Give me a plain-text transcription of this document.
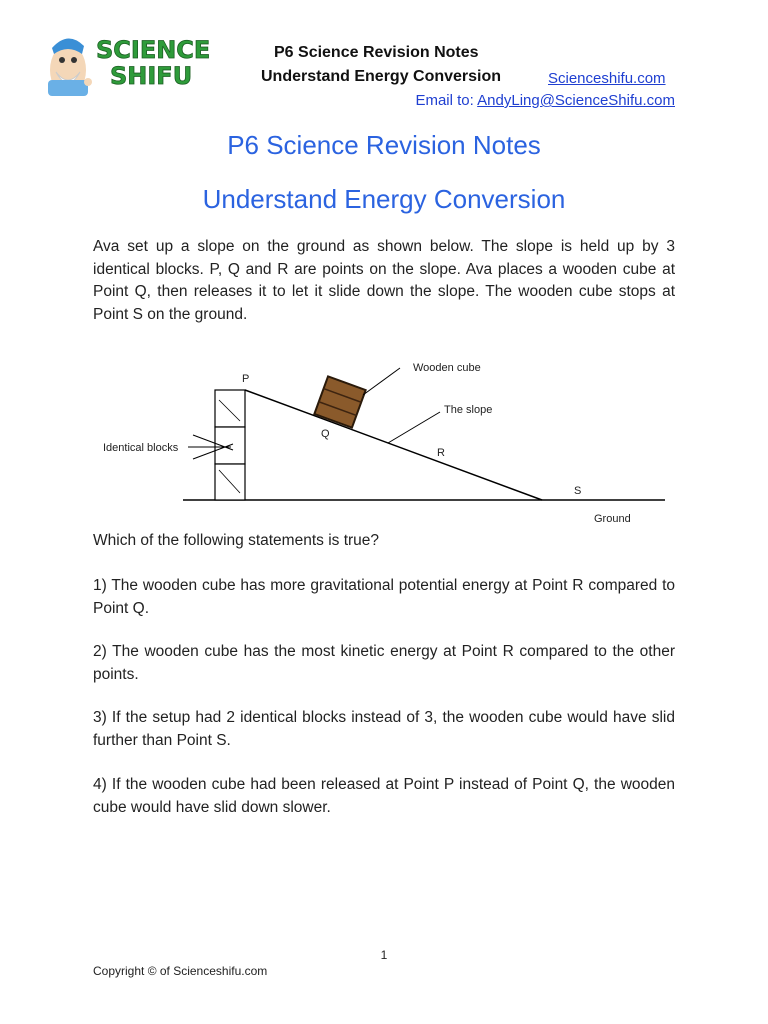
SCIENCE
SHIFU
P6 Science Revision Notes
Understand Energy Conversion	Scienceshifu.com
Email to: AndyLing@ScienceShifu.com
P6 Science Revision Notes
Understand Energy Conversion

Ava set up a slope on the ground as shown below. The slope is held up by 3 identical blocks. P, Q and R are points on the slope. Ava places a wooden cube at Point Q, then releases it to let it slide down the slope. The wooden cube stops at Point S on the ground.

P
Q
R
S
Wooden cube
The slope
Identical blocks
Ground

Which of the following statements is true?

1) The wooden cube has more gravitational potential energy at Point R compared to Point Q.

2) The wooden cube has the most kinetic energy at Point R compared to the other points.

3) If the setup had 2 identical blocks instead of 3, the wooden cube would have slid further than Point S.

4) If the wooden cube had been released at Point P instead of Point Q, the wooden cube would have slid down slower.

1
Copyright © of Scienceshifu.com
